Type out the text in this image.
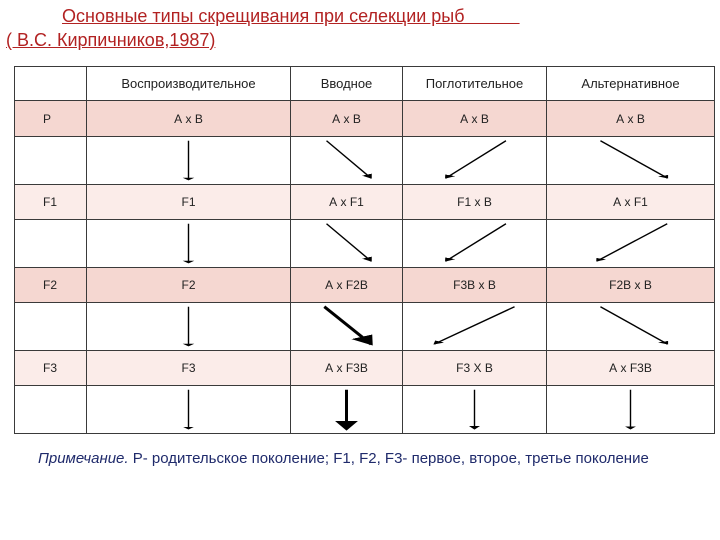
Основные типы скрещивания при селекции рыб
( В.С. Кирпичников,1987)
	Воспроизводительное	Вводное	Поглотительное	Альтернативное
P	А х В	А х В	А х В	А х В

F1	F1	А х F1	F1 х В	А х F1

F2	F2	А х F2B	F3B х В	F2B х В

F3	F3	А х F3B	F3 X В	А х F3B

Примечание. Р- родительское поколение; F1, F2, F3- первое, второе, третье поколение
